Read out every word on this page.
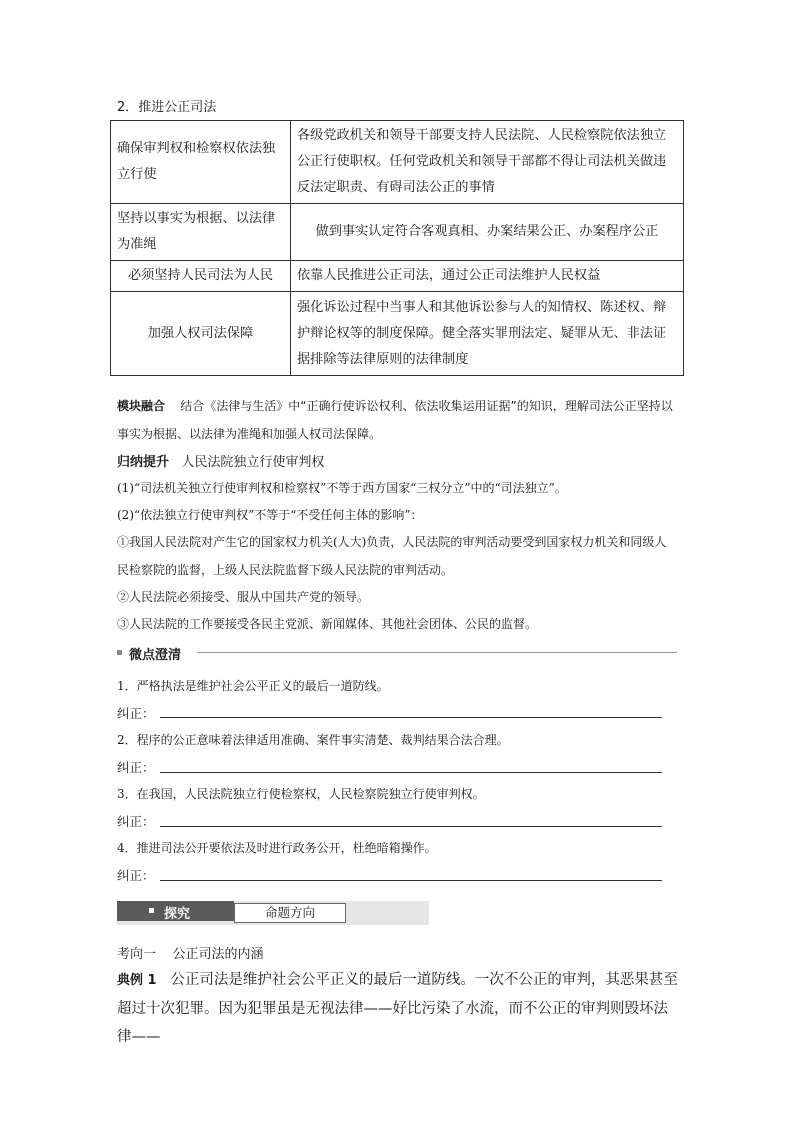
2．推进公正司法
确保审判权和检察权依法独立行使	各级党政机关和领导干部要支持人民法院、人民检察院依法独立公正行使职权。任何党政机关和领导干部都不得让司法机关做违反法定职责、有碍司法公正的事情
坚持以事实为根据、以法律为准绳	做到事实认定符合客观真相、办案结果公正、办案程序公正
必须坚持人民司法为人民	依靠人民推进公正司法，通过公正司法维护人民权益
加强人权司法保障	强化诉讼过程中当事人和其他诉讼参与人的知情权、陈述权、辩护辩论权等的制度保障。健全落实罪刑法定、疑罪从无、非法证据排除等法律原则的法律制度
模块融合 结合《法律与生活》中“正确行使诉讼权利、依法收集运用证据”的知识，理解司法公正坚持以事实为根据、以法律为准绳和加强人权司法保障。
归纳提升 人民法院独立行使审判权
(1)“司法机关独立行使审判权和检察权”不等于西方国家“三权分立”中的“司法独立”。
(2)“依法独立行使审判权”不等于“不受任何主体的影响”：
①我国人民法院对产生它的国家权力机关(人大)负责，人民法院的审判活动要受到国家权力机关和同级人民检察院的监督，上级人民法院监督下级人民法院的审判活动。
②人民法院必须接受、服从中国共产党的领导。
③人民法院的工作要接受各民主党派、新闻媒体、其他社会团体、公民的监督。
微点澄清
1．严格执法是维护社会公平正义的最后一道防线。
纠正：
2．程序的公正意味着法律适用准确、案件事实清楚、裁判结果合法合理。
纠正：
3．在我国，人民法院独立行使检察权，人民检察院独立行使审判权。
纠正：
4．推进司法公开要依法及时进行政务公开，杜绝暗箱操作。
纠正：
探究	命题方向
考向一 公正司法的内涵
典例 1 公正司法是维护社会公平正义的最后一道防线。一次不公正的审判，其恶果甚至超过十次犯罪。因为犯罪虽是无视法律——好比污染了水流，而不公正的审判则毁坏法律——
